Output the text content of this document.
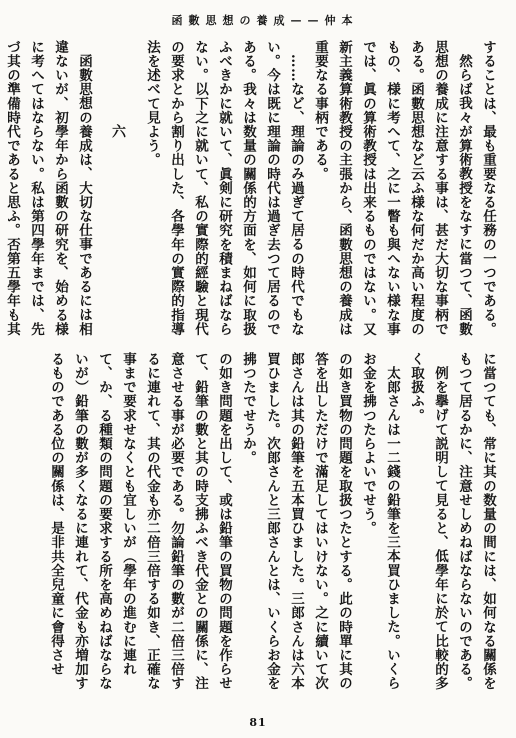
函數思想の養成——仲本

することは、最も重要なる任務の一つである。

然らば我々が算術教授をなすに當つて、函數思想の養成に注意する事は、甚だ大切な事柄である。函數思想など云ふ様な何だか高い程度のもの、様に考へて、之に一瞥も與へない様な事では、眞の算術教授は出来るものではない。又新主義算術教授の主張から、函數思想の養成は重要なる事柄である。

……など、理論のみ過ぎて居るの時代でもない。今は既に理論の時代は過ぎ去つて居るのである。我々は数量の關係的方面を、如何に取扱ふべきかに就いて、眞剣に研究を積まねばならない。以下之に就いて、私の實際的經驗と現代の要求とから割り出した、各學年の實際的指導法を述べて見よう。

六

函數思想の養成は、大切な仕事であるには相違ないが、初學年から函數の研究を、始める様に考へてはならない。私は第四學年までは、先づ其の準備時代であると思ふ。否第五學年も其

に當つても、常に其の数量の間には、如何なる關係をもつて居るかに、注意せしめねばならないのである。

例を擧げて説明して見ると、低學年に於て比較的多く取扱ふ。

太郎さんは一二錢の鉛筆を三本買ひました。いくらお金を拂つたらよいでせう。

の如き買物の問題を取扱つたとする。此の時單に其の答を出しただけで滿足してはいけない。之に續いて次郎さんは其の鉛筆を五本買ひました。三郎さんは六本買ひました。次郎さんと三郎さんとは、いくらお金を拂つたでせうか。

の如き問題を出して、或は鉛筆の買物の問題を作らせて、鉛筆の數と其の時支拂ふべき代金との關係に、注意させる事が必要である。勿論鉛筆の數が二倍三倍するに連れて、其の代金も亦二倍三倍する如き、正確な事まで要求せなくとも宜しいが（學年の進むに連れて、か、る種類の問題の要求する所を高めねばならないが）鉛筆の數が多くなるに連れて、代金も亦増加するものである位の關係は、是非共全兒童に會得させ

81
